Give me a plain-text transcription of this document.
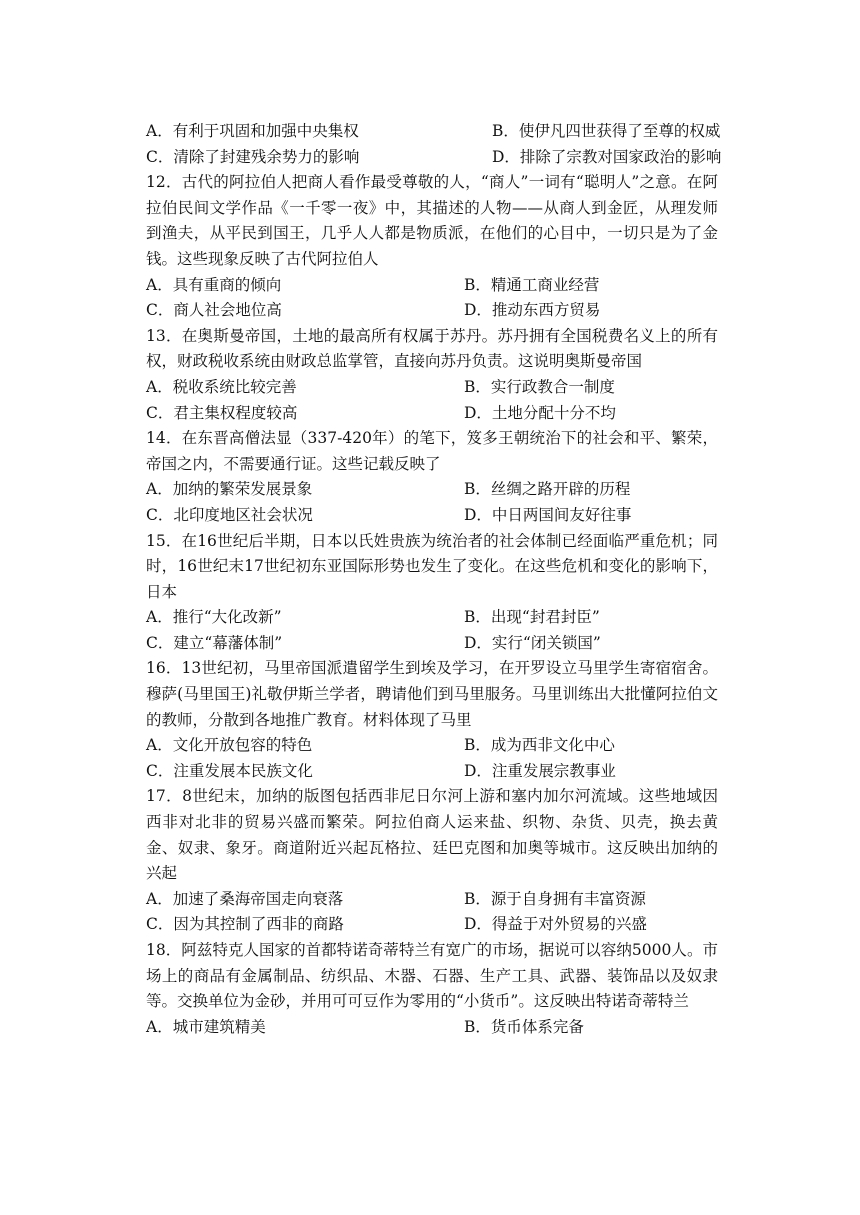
A．有利于巩固和加强中央集权	B．使伊凡四世获得了至尊的权威
C．清除了封建残余势力的影响	D．排除了宗教对国家政治的影响
12．古代的阿拉伯人把商人看作最受尊敬的人，“商人”一词有“聪明人”之意。在阿拉伯民间文学作品《一千零一夜》中，其描述的人物——从商人到金匠，从理发师到渔夫，从平民到国王，几乎人人都是物质派，在他们的心目中，一切只是为了金钱。这些现象反映了古代阿拉伯人
A．具有重商的倾向	B．精通工商业经营
C．商人社会地位高	D．推动东西方贸易
13．在奥斯曼帝国，土地的最高所有权属于苏丹。苏丹拥有全国税费名义上的所有权，财政税收系统由财政总监掌管，直接向苏丹负责。这说明奥斯曼帝国
A．税收系统比较完善	B．实行政教合一制度
C．君主集权程度较高	D．土地分配十分不均
14．在东晋高僧法显（337-420年）的笔下，笈多王朝统治下的社会和平、繁荣，帝国之内，不需要通行证。这些记载反映了
A．加纳的繁荣发展景象	B．丝绸之路开辟的历程
C．北印度地区社会状况	D．中日两国间友好往事
15．在16世纪后半期，日本以氏姓贵族为统治者的社会体制已经面临严重危机；同时，16世纪末17世纪初东亚国际形势也发生了变化。在这些危机和变化的影响下，日本
A．推行“大化改新”	B．出现“封君封臣”
C．建立“幕藩体制”	D．实行“闭关锁国”
16．13世纪初，马里帝国派遣留学生到埃及学习，在开罗设立马里学生寄宿宿舍。穆萨(马里国王)礼敬伊斯兰学者，聘请他们到马里服务。马里训练出大批懂阿拉伯文的教师，分散到各地推广教育。材料体现了马里
A．文化开放包容的特色	B．成为西非文化中心
C．注重发展本民族文化	D．注重发展宗教事业
17．8世纪末，加纳的版图包括西非尼日尔河上游和塞内加尔河流域。这些地域因西非对北非的贸易兴盛而繁荣。阿拉伯商人运来盐、织物、杂货、贝壳，换去黄金、奴隶、象牙。商道附近兴起瓦格拉、廷巴克图和加奥等城市。这反映出加纳的兴起
A．加速了桑海帝国走向衰落	B．源于自身拥有丰富资源
C．因为其控制了西非的商路	D．得益于对外贸易的兴盛
18．阿兹特克人国家的首都特诺奇蒂特兰有宽广的市场，据说可以容纳5000人。市场上的商品有金属制品、纺织品、木器、石器、生产工具、武器、装饰品以及奴隶等。交换单位为金砂，并用可可豆作为零用的“小货币”。这反映出特诺奇蒂特兰
A．城市建筑精美	B．货币体系完备
